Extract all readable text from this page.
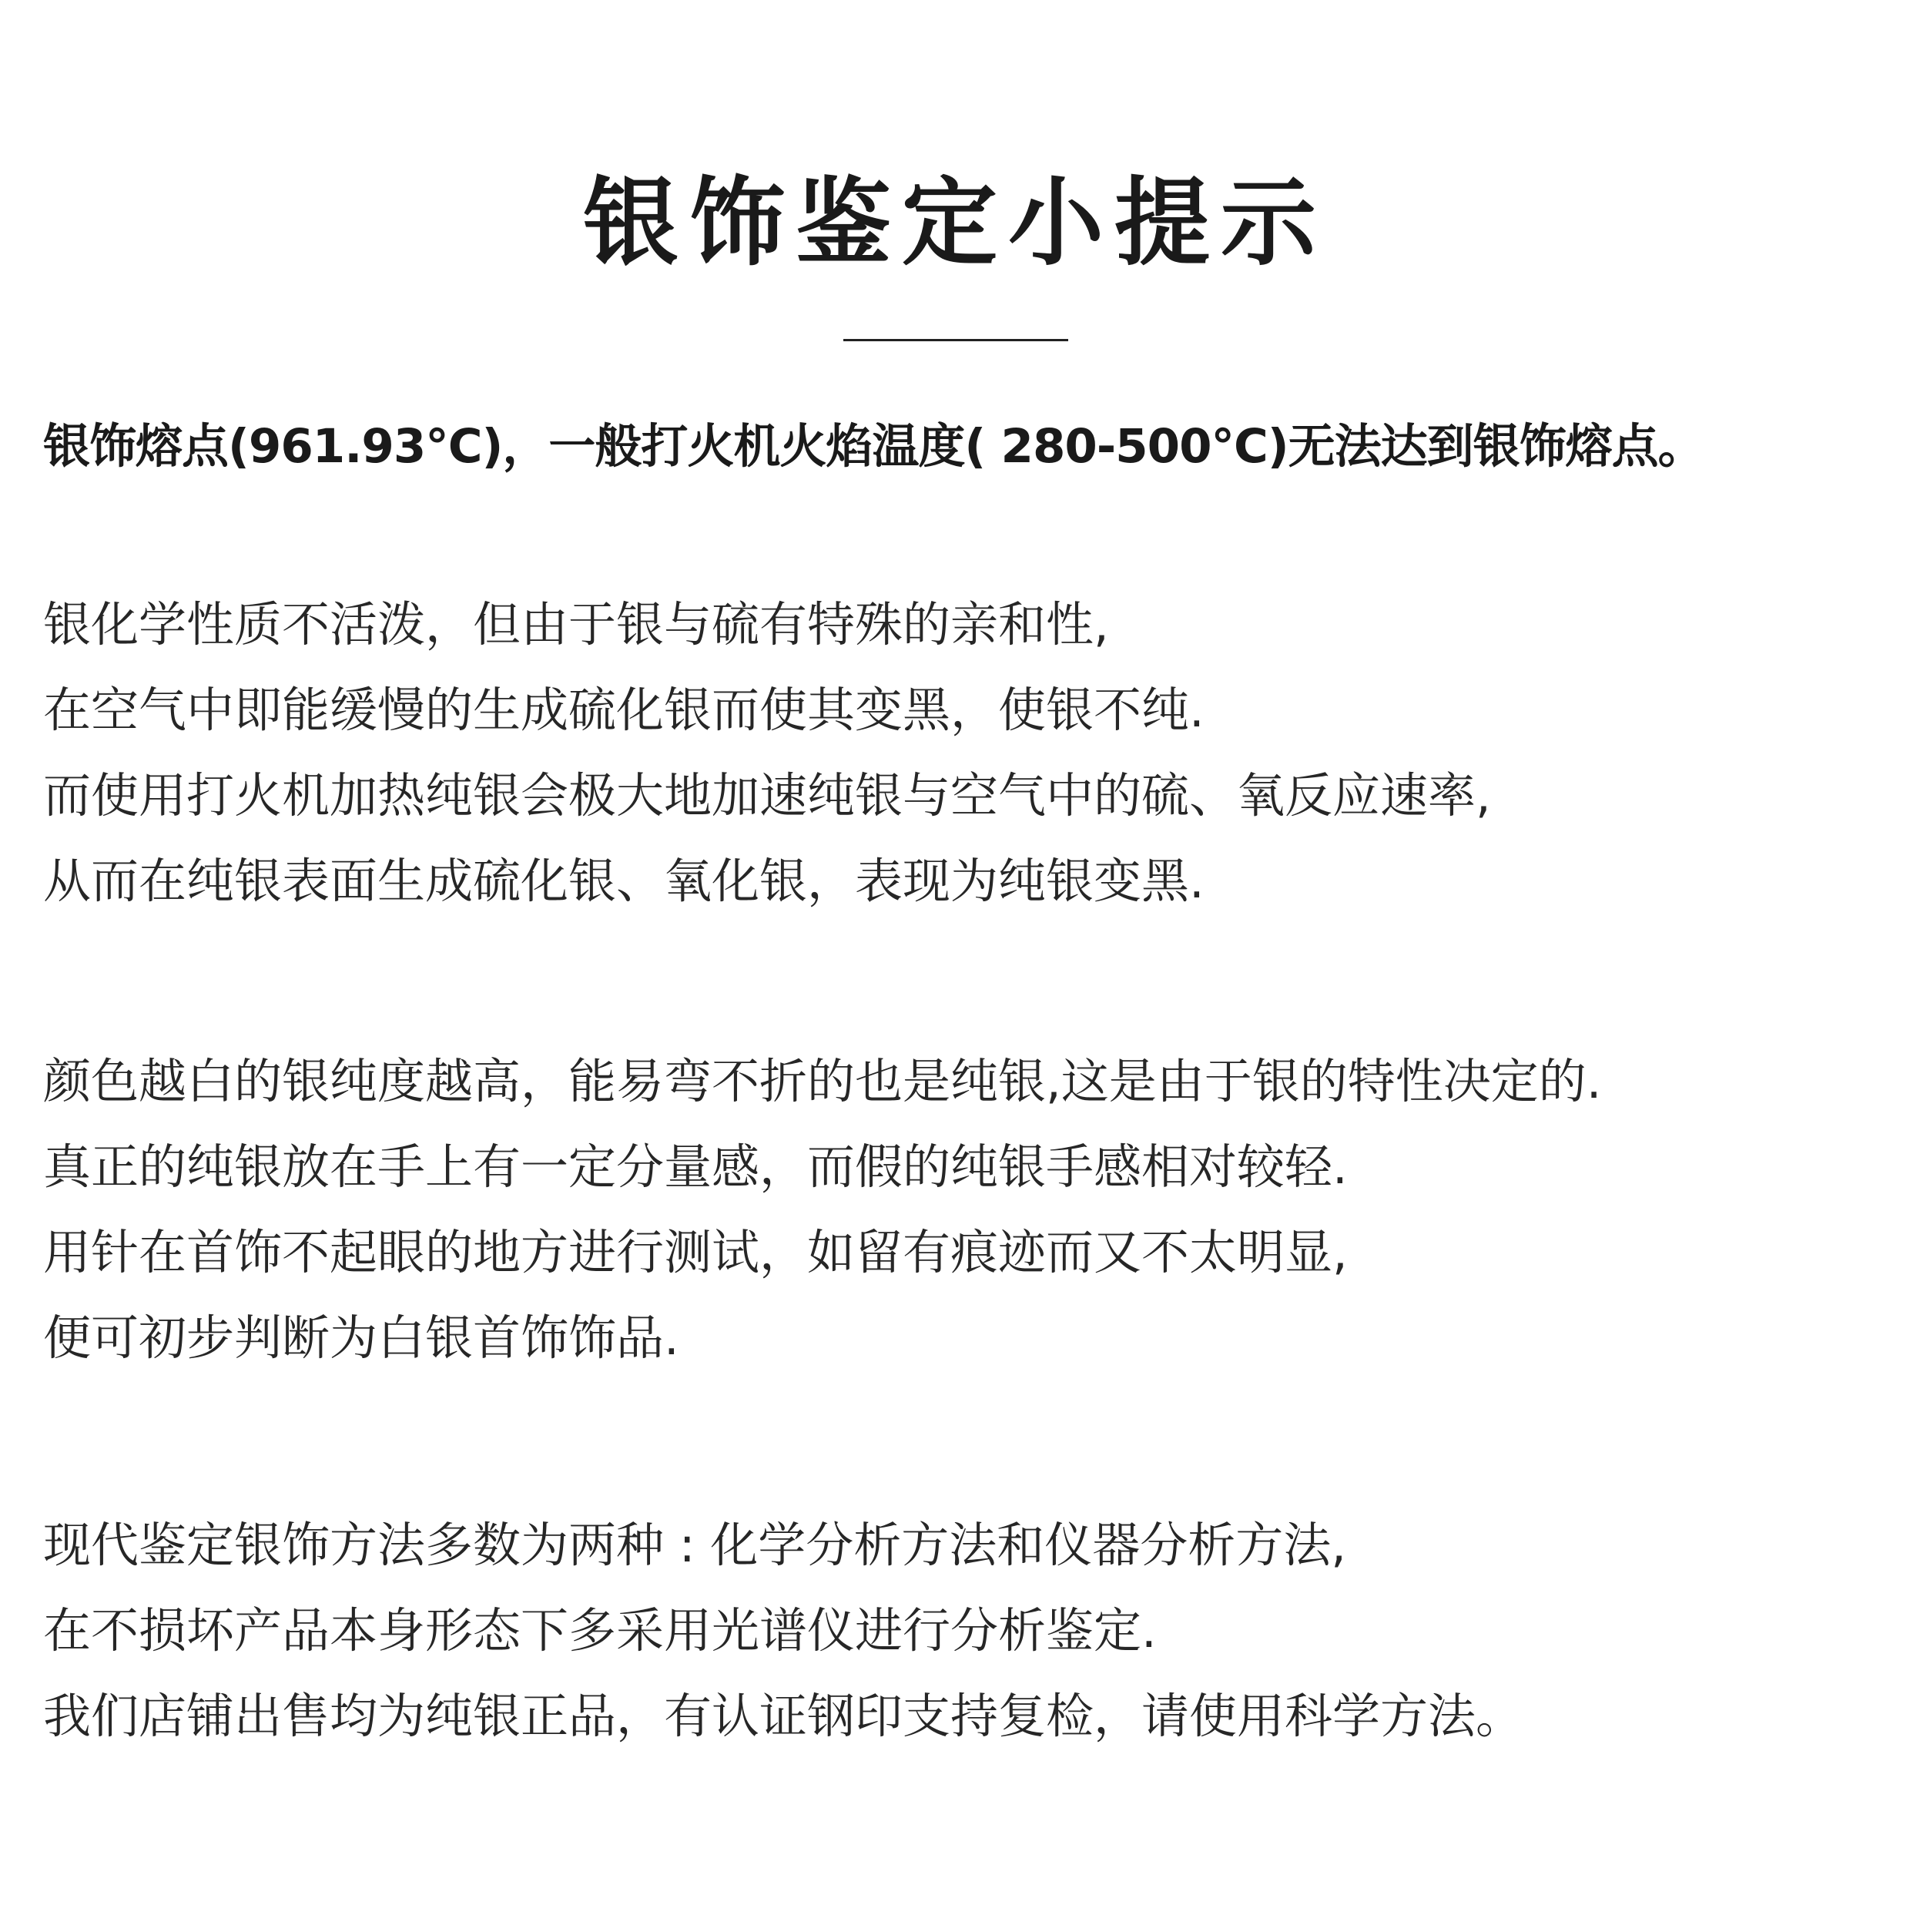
银饰鉴定小提示
银饰熔点(961.93°C)，一般打火机火焰温度( 280-500°C)无法达到银饰熔点。
银化学性质不活泼，但由于银与硫有特殊的亲和性,
在空气中即能缓慢的生成硫化银而使其变黑，使银不纯.
而使用打火机加热纯银会极大地加速纯银与空气中的硫、氧反应速率,
从而在纯银表面生成硫化银、氧化银，表现为纯银变黑.
颜色越白的银纯度越高，能易弯不折的也是纯银,这是由于银的特性决定的.
真正的纯银放在手上有一定分量感，而假的纯银手感相对较轻.
用针在首饰不起眼的地方进行测试，如留有痕迹而又不太明显,
便可初步判断为白银首饰饰品.
现代鉴定银饰方法多数为两种 : 化学分析方法和仪器分析方法,
在不损坏产品本身形态下多采用光谱仪进行分析鉴定.
我们店铺出售均为纯银正品，有认证钢印支持复检，请使用科学方法。
